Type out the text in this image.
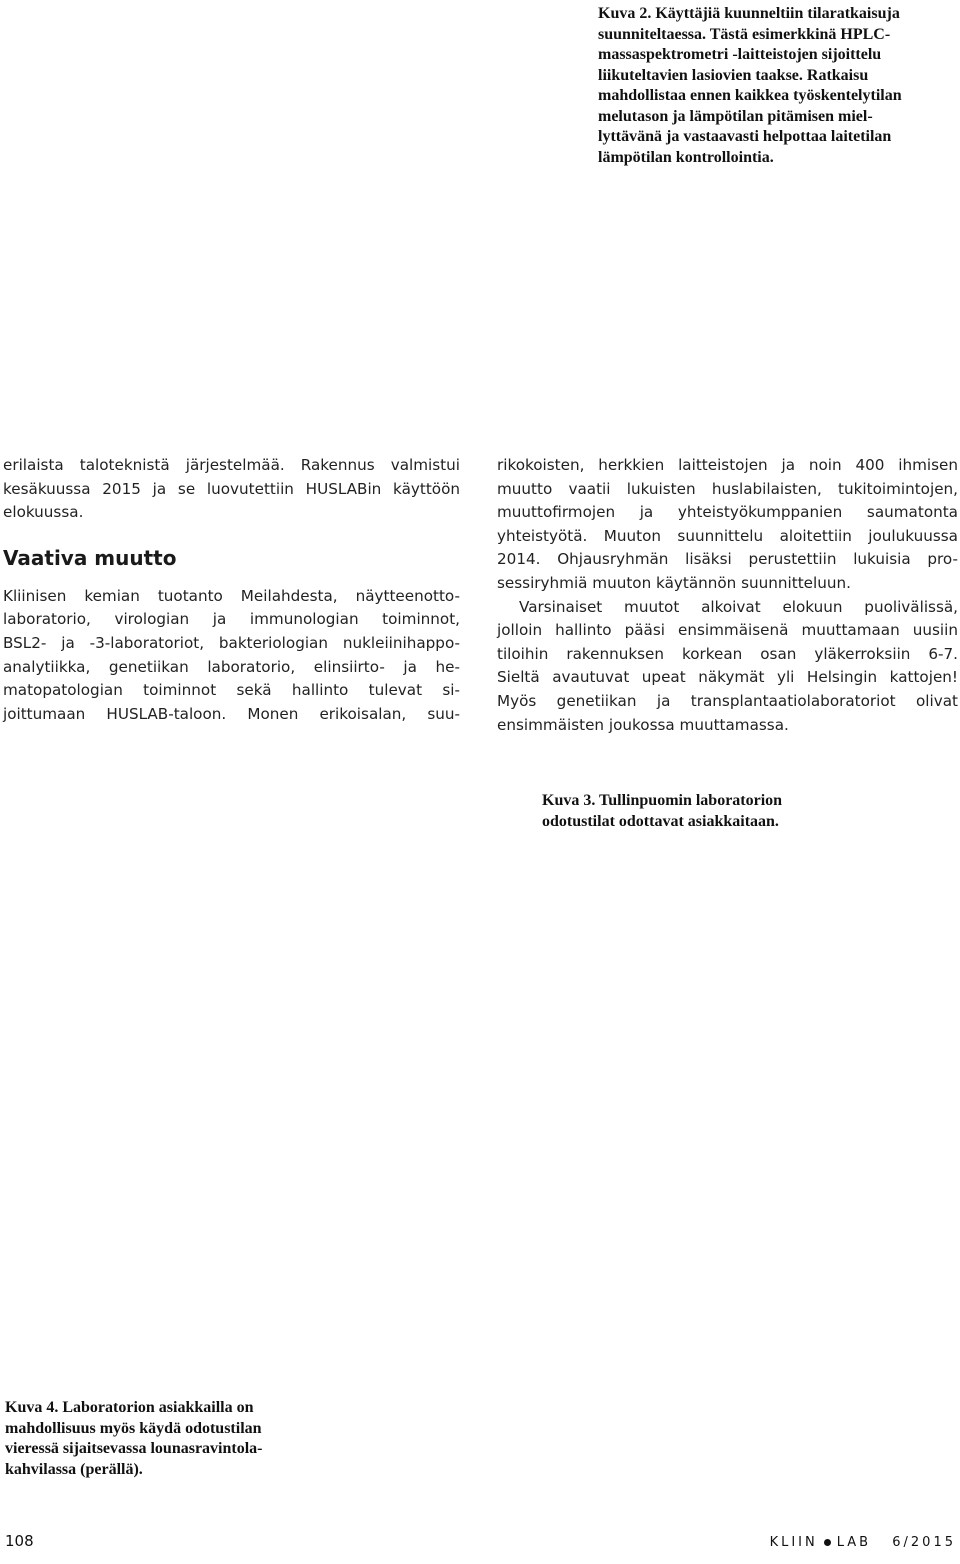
Kuva 2. Käyttäjiä kuunneltiin tilaratkaisuja
suunniteltaessa. Tästä esimerkkinä HPLC-
massaspektrometri -laitteistojen sijoittelu
liikuteltavien lasiovien taakse. Ratkaisu
mahdollistaa ennen kaikkea työskentelytilan
melutason ja lämpötilan pitämisen miel-
lyttävänä ja vastaavasti helpottaa laitetilan
lämpötilan kontrollointia.
erilaista taloteknistä järjestelmää. Rakennus valmistui
kesäkuussa 2015 ja se luovutettiin HUSLABin käyttöön
elokuussa.
Vaativa muutto
Kliinisen kemian tuotanto Meilahdesta, näytteenotto-
laboratorio, virologian ja immunologian toiminnot,
BSL2- ja -3-laboratoriot, bakteriologian nukleiinihappo-
analytiikka, genetiikan laboratorio, elinsiirto- ja he-
matopatologian toiminnot sekä hallinto tulevat si-
joittumaan HUSLAB-taloon. Monen erikoisalan, suu-
rikokoisten, herkkien laitteistojen ja noin 400 ihmisen
muutto vaatii lukuisten huslabilaisten, tukitoimintojen,
muuttofirmojen ja yhteistyökumppanien saumatonta
yhteistyötä. Muuton suunnittelu aloitettiin joulukuussa
2014. Ohjausryhmän lisäksi perustettiin lukuisia pro-
sessiryhmiä muuton käytännön suunnitteluun.
Varsinaiset muutot alkoivat elokuun puolivälissä,
jolloin hallinto pääsi ensimmäisenä muuttamaan uusiin
tiloihin rakennuksen korkean osan yläkerroksiin 6-7.
Sieltä avautuvat upeat näkymät yli Helsingin kattojen!
Myös genetiikan ja transplantaatiolaboratoriot olivat
ensimmäisten joukossa muuttamassa.
Kuva 3. Tullinpuomin laboratorion
odotustilat odottavat asiakkaitaan.
Kuva 4. Laboratorion asiakkailla on
mahdollisuus myös käydä odotustilan
vieressä sijaitsevassa lounasravintola-
kahvilassa (perällä).
108	KLIIN LAB 6/2015
